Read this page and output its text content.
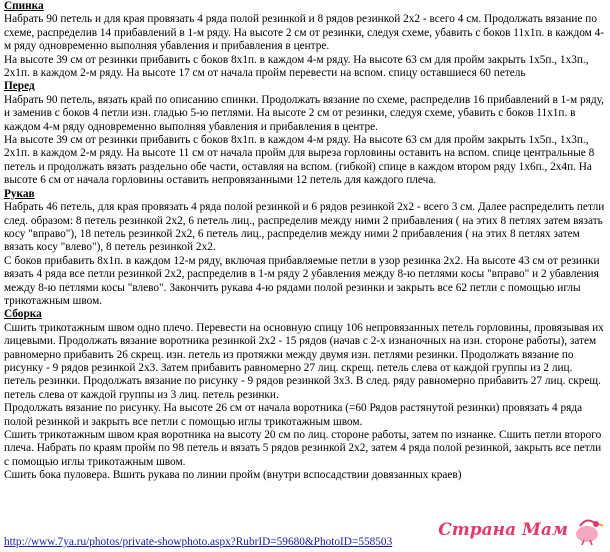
Спинка
Набрать 90 петель и для края провязать 4 ряда полой резинкой и 8 рядов резинкой 2х2 - всего 4 см. Продолжать вязание по схеме, распределив 14 прибавлений в 1-м ряду. На высоте 2 см от резинки, следуя схеме, убавить с боков 11х1п. в каждом 4-м ряду одновременно выполняя убавления и прибавления в центре.
На высоте 39 см от резинки прибавить с боков 8х1п. в каждом 4-м ряду. На высоте 63 см для пройм закрыть 1х5п., 1х3п., 2х1п. в каждом 2-м ряду. На высоте 17 см от начала пройм перевести на вспом. спицу оставшиеся 60 петель
Перед
Набрать 90 петель, вязать край по описанию спинки. Продолжать вязание по схеме, распределив 16 прибавлений в 1-м ряду, и заменив с боков 4 петли изн. гладью 5-ю петлями. На высоте 2 см от резинки, следуя схеме, убавить с боков 11х1п. в каждом 4-м ряду одновременно выполняя убавления и прибавления в центре.
На высоте 39 см от резинки прибавить с боков 8х1п. в каждом 4-м ряду. На высоте 63 см для пройм закрыть 1х5п., 1х3п., 2х1п. в каждом 2-м ряду. На высоте 11 см от начала пройм для выреза горловины оставить на вспом. спице центральные 8 петель и продолжать вязать раздельно обе части, оставляя на вспом. (гибкой) спице в каждом втором ряду 1х6п., 2х4п. На высоте 6 см от начала горловины оставить непровязанными 12 петель для каждого плеча.
Рукав
Набрать 46 петель, для края провязать 4 ряда полой резинкой и 6 рядов резинкой 2х2 - всего 3 см. Далее распределить петли след. образом: 8 петель резинкой 2х2, 6 петель лиц., распределив между ними 2 прибавления ( на этих 8 петлях затем вязать косу "вправо"), 18 петель резинкой 2х2, 6 петель лиц., распределив между ними 2 прибавления ( на этих 8 петлях затем вязать косу "влево"), 8 петель резинкой 2х2.
С боков прибавить 8х1п. в каждом 12-м ряду, включая прибавляемые петли в узор резинка 2х2. На высоте 43 см от резинки вязать 4 ряда все петли резинкой 2х2, распределив в 1-м ряду 2 убавления между 8-ю петлями косы "вправо" и 2 убавления между 8-ю петлями косы "влево". Закончить рукава 4-ю рядами полой резинки и закрыть все 62 петли с помощью иглы трикотажным швом.
Сборка
Сшить трикотажным швом одно плечо. Перевести на основную спицу 106 непровязанных петель горловины, провязывая их лицевыми. Продолжать вязание воротника резинкой 2х2 - 15 рядов (начав с 2-х изнаночных на изн. стороне работы), затем равномерно прибавить 26 скрещ. изн. петель из протяжки между двумя изн. петлями резинки. Продолжать вязание по рисунку - 9 рядов резинкой 2х3. Затем прибавить равномерно 27 лиц. скрещ. петель слева от каждой группы из 2 лиц. петель резинки. Продолжать вязание по рисунку - 9 рядов резинкой 3х3. В след. ряду равномерно прибавить 27 лиц. скрещ. петель слева от каждой группы из 3 лиц. петель резинки.
Продолжать вязание по рисунку. На высоте 26 см от начала воротника (=60 Рядов растянутой резинки) провязать 4 ряда полой резинкой и закрыть все петли с помощью иглы трикотажным швом.
Сшить трикотажным швом края воротника на высоту 20 см по лиц. стороне работы, затем по изнанке. Сшить петли второго плеча. Набрать по краям пройм по 98 петель и вязать 5 рядов резинкой 2х2, затем 4 ряда полой резинкой, закрыть все петли с помощью иглы трикотажным швом.
Сшить бока пуловера. Вшить рукава по линии пройм (внутри вспосадствии довязанных краев)
http://www.7ya.ru/photos/private-showphoto.aspx?RubrID=59680&PhotoID=558503
Страна Мам
